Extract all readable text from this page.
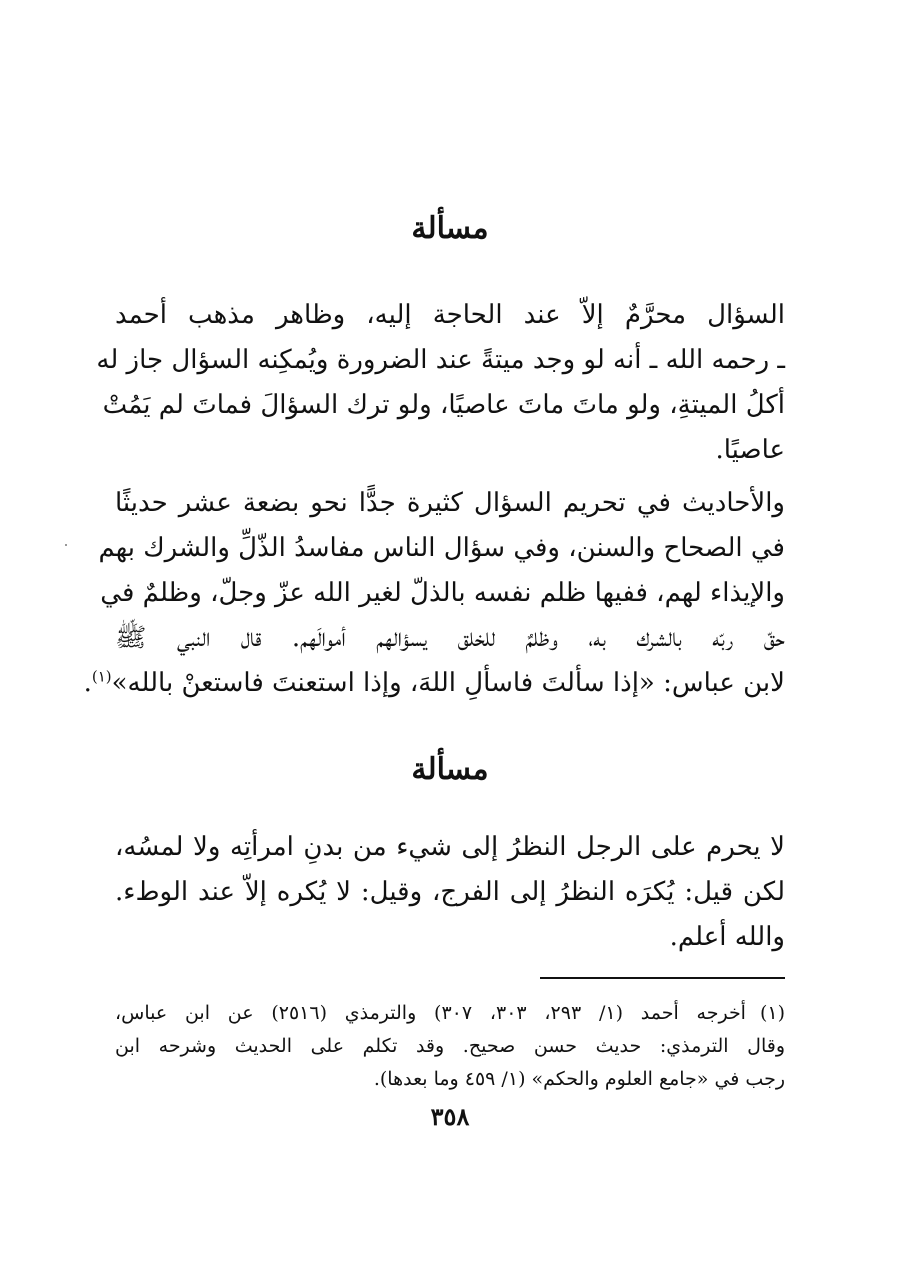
مسألة
السؤال محرَّمٌ إلاّ عند الحاجة إليه، وظاهر مذهب أحمد
ـ رحمه الله ـ أنه لو وجد ميتةً عند الضرورة ويُمكِنه السؤال جاز له
أكلُ الميتةِ، ولو ماتَ ماتَ عاصيًا، ولو ترك السؤالَ فماتَ لم يَمُتْ
عاصيًا.
والأحاديث في تحريم السؤال كثيرة جدًّا نحو بضعة عشر حديثًا
في الصحاح والسنن، وفي سؤال الناس مفاسدُ الذّلِّ والشرك بهم
والإيذاء لهم، ففيها ظلم نفسه بالذلّ لغير الله عزّ وجلّ، وظلمٌ في
حقّ ربّه بالشرك به، وظلمٌ للخلق يسؤالهم أموالَهم. قال النبي ﷺ
لابن عباس: «إذا سألتَ فاسألِ اللهَ، وإذا استعنتَ فاستعنْ بالله»$^{(١)}$.
مسألة
لا يحرم على الرجل النظرُ إلى شيء من بدنِ امرأتِه ولا لمسُه،
لكن قيل: يُكرَه النظرُ إلى الفرج، وقيل: لا يُكره إلاّ عند الوطء.
والله أعلم.
(١)أخرجه أحمد (١/ ٢٩٣، ٣٠٣، ٣٠٧) والترمذي (٢٥١٦) عن ابن عباس،
وقال الترمذي: حديث حسن صحيح. وقد تكلم على الحديث وشرحه ابن
رجب في «جامع العلوم والحكم» (١/ ٤٥٩ وما بعدها).
٣٥٨
